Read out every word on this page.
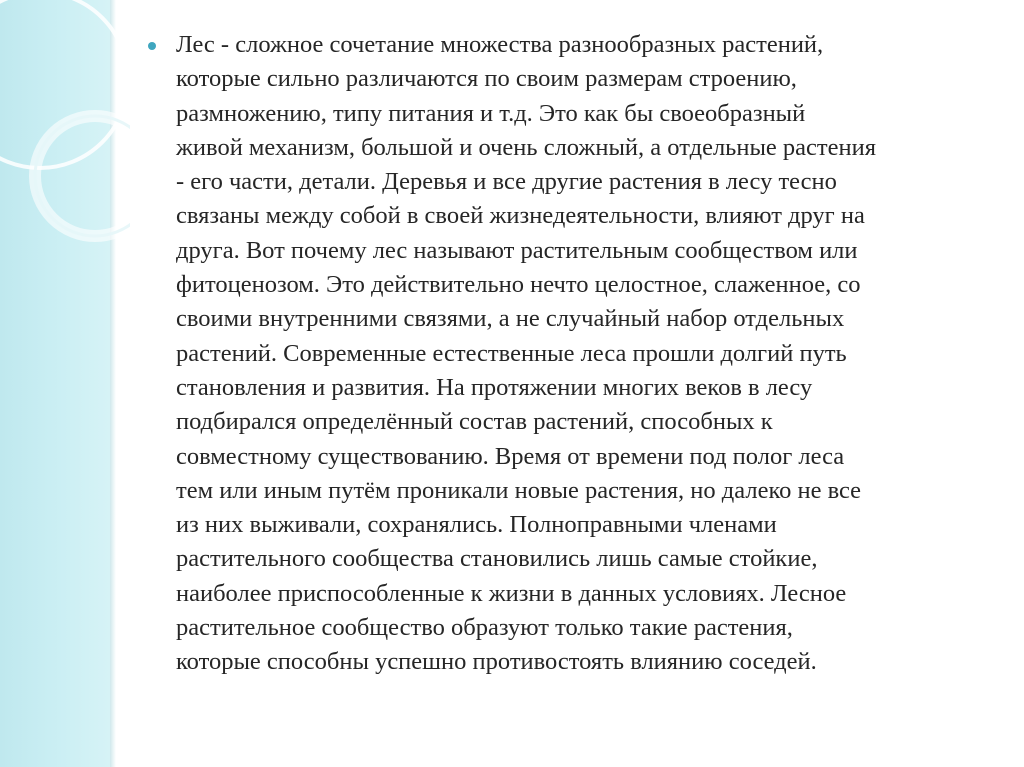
Лес - сложное сочетание множества разнообразных растений,
которые сильно различаются по своим размерам строению,
размножению, типу питания и т.д. Это как бы своеобразный
живой механизм, большой и очень сложный, а отдельные растения
- его части, детали. Деревья и все другие растения в лесу тесно
связаны между собой в своей жизнедеятельности, влияют друг на
друга. Вот почему лес называют растительным сообществом или
фитоценозом. Это действительно нечто целостное, слаженное, со
своими внутренними связями, а не случайный набор отдельных
растений. Современные естественные леса прошли долгий путь
становления и развития. На протяжении многих веков в лесу
подбирался определённый состав растений, способных к
совместному существованию. Время от времени под полог леса
тем или иным путём проникали новые растения, но далеко не все
из них выживали, сохранялись. Полноправными членами
растительного сообщества становились лишь самые стойкие,
наиболее приспособленные к жизни в данных условиях. Лесное
растительное сообщество образуют только такие растения,
которые способны успешно противостоять влиянию соседей.
